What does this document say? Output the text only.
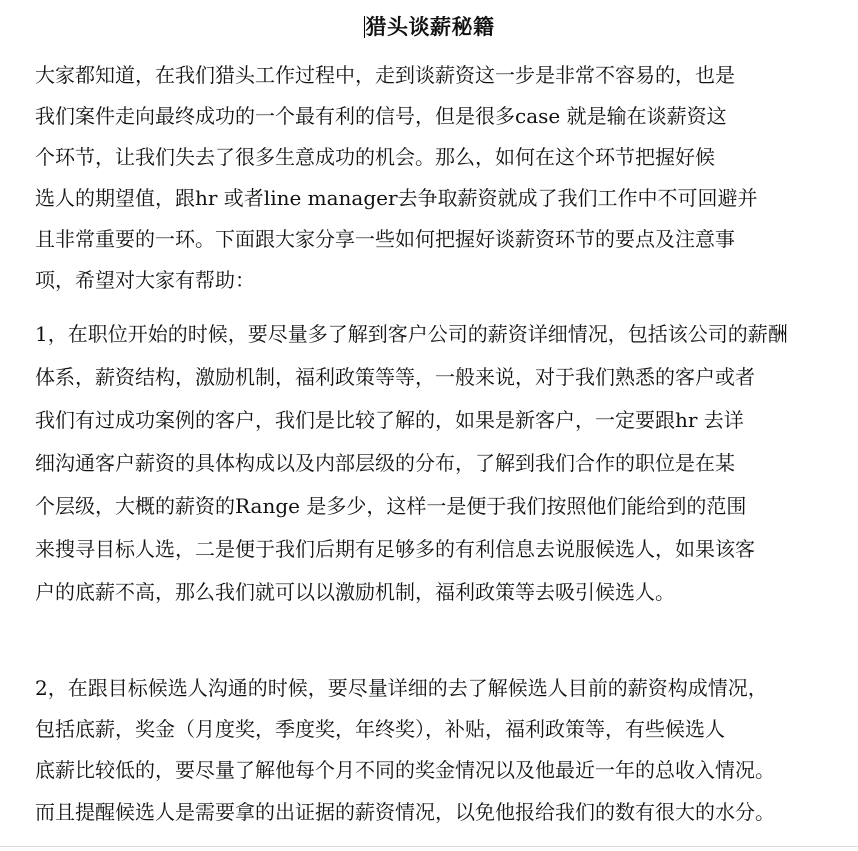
猎头谈薪秘籍
大家都知道，在我们猎头工作过程中，走到谈薪资这一步是非常不容易的，也是
我们案件走向最终成功的一个最有利的信号，但是很多case 就是输在谈薪资这
个环节，让我们失去了很多生意成功的机会。那么，如何在这个环节把握好候
选人的期望值，跟hr 或者line manager去争取薪资就成了我们工作中不可回避并
且非常重要的一环。下面跟大家分享一些如何把握好谈薪资环节的要点及注意事
项，希望对大家有帮助：
1，在职位开始的时候，要尽量多了解到客户公司的薪资详细情况，包括该公司的薪酬
体系，薪资结构，激励机制，福利政策等等，一般来说，对于我们熟悉的客户或者
我们有过成功案例的客户，我们是比较了解的，如果是新客户，一定要跟hr 去详
细沟通客户薪资的具体构成以及内部层级的分布，了解到我们合作的职位是在某
个层级，大概的薪资的Range 是多少，这样一是便于我们按照他们能给到的范围
来搜寻目标人选，二是便于我们后期有足够多的有利信息去说服候选人，如果该客
户的底薪不高，那么我们就可以以激励机制，福利政策等去吸引候选人。
2，在跟目标候选人沟通的时候，要尽量详细的去了解候选人目前的薪资构成情况，
包括底薪，奖金（月度奖，季度奖，年终奖），补贴，福利政策等，有些候选人
底薪比较低的，要尽量了解他每个月不同的奖金情况以及他最近一年的总收入情况。
而且提醒候选人是需要拿的出证据的薪资情况，以免他报给我们的数有很大的水分。
